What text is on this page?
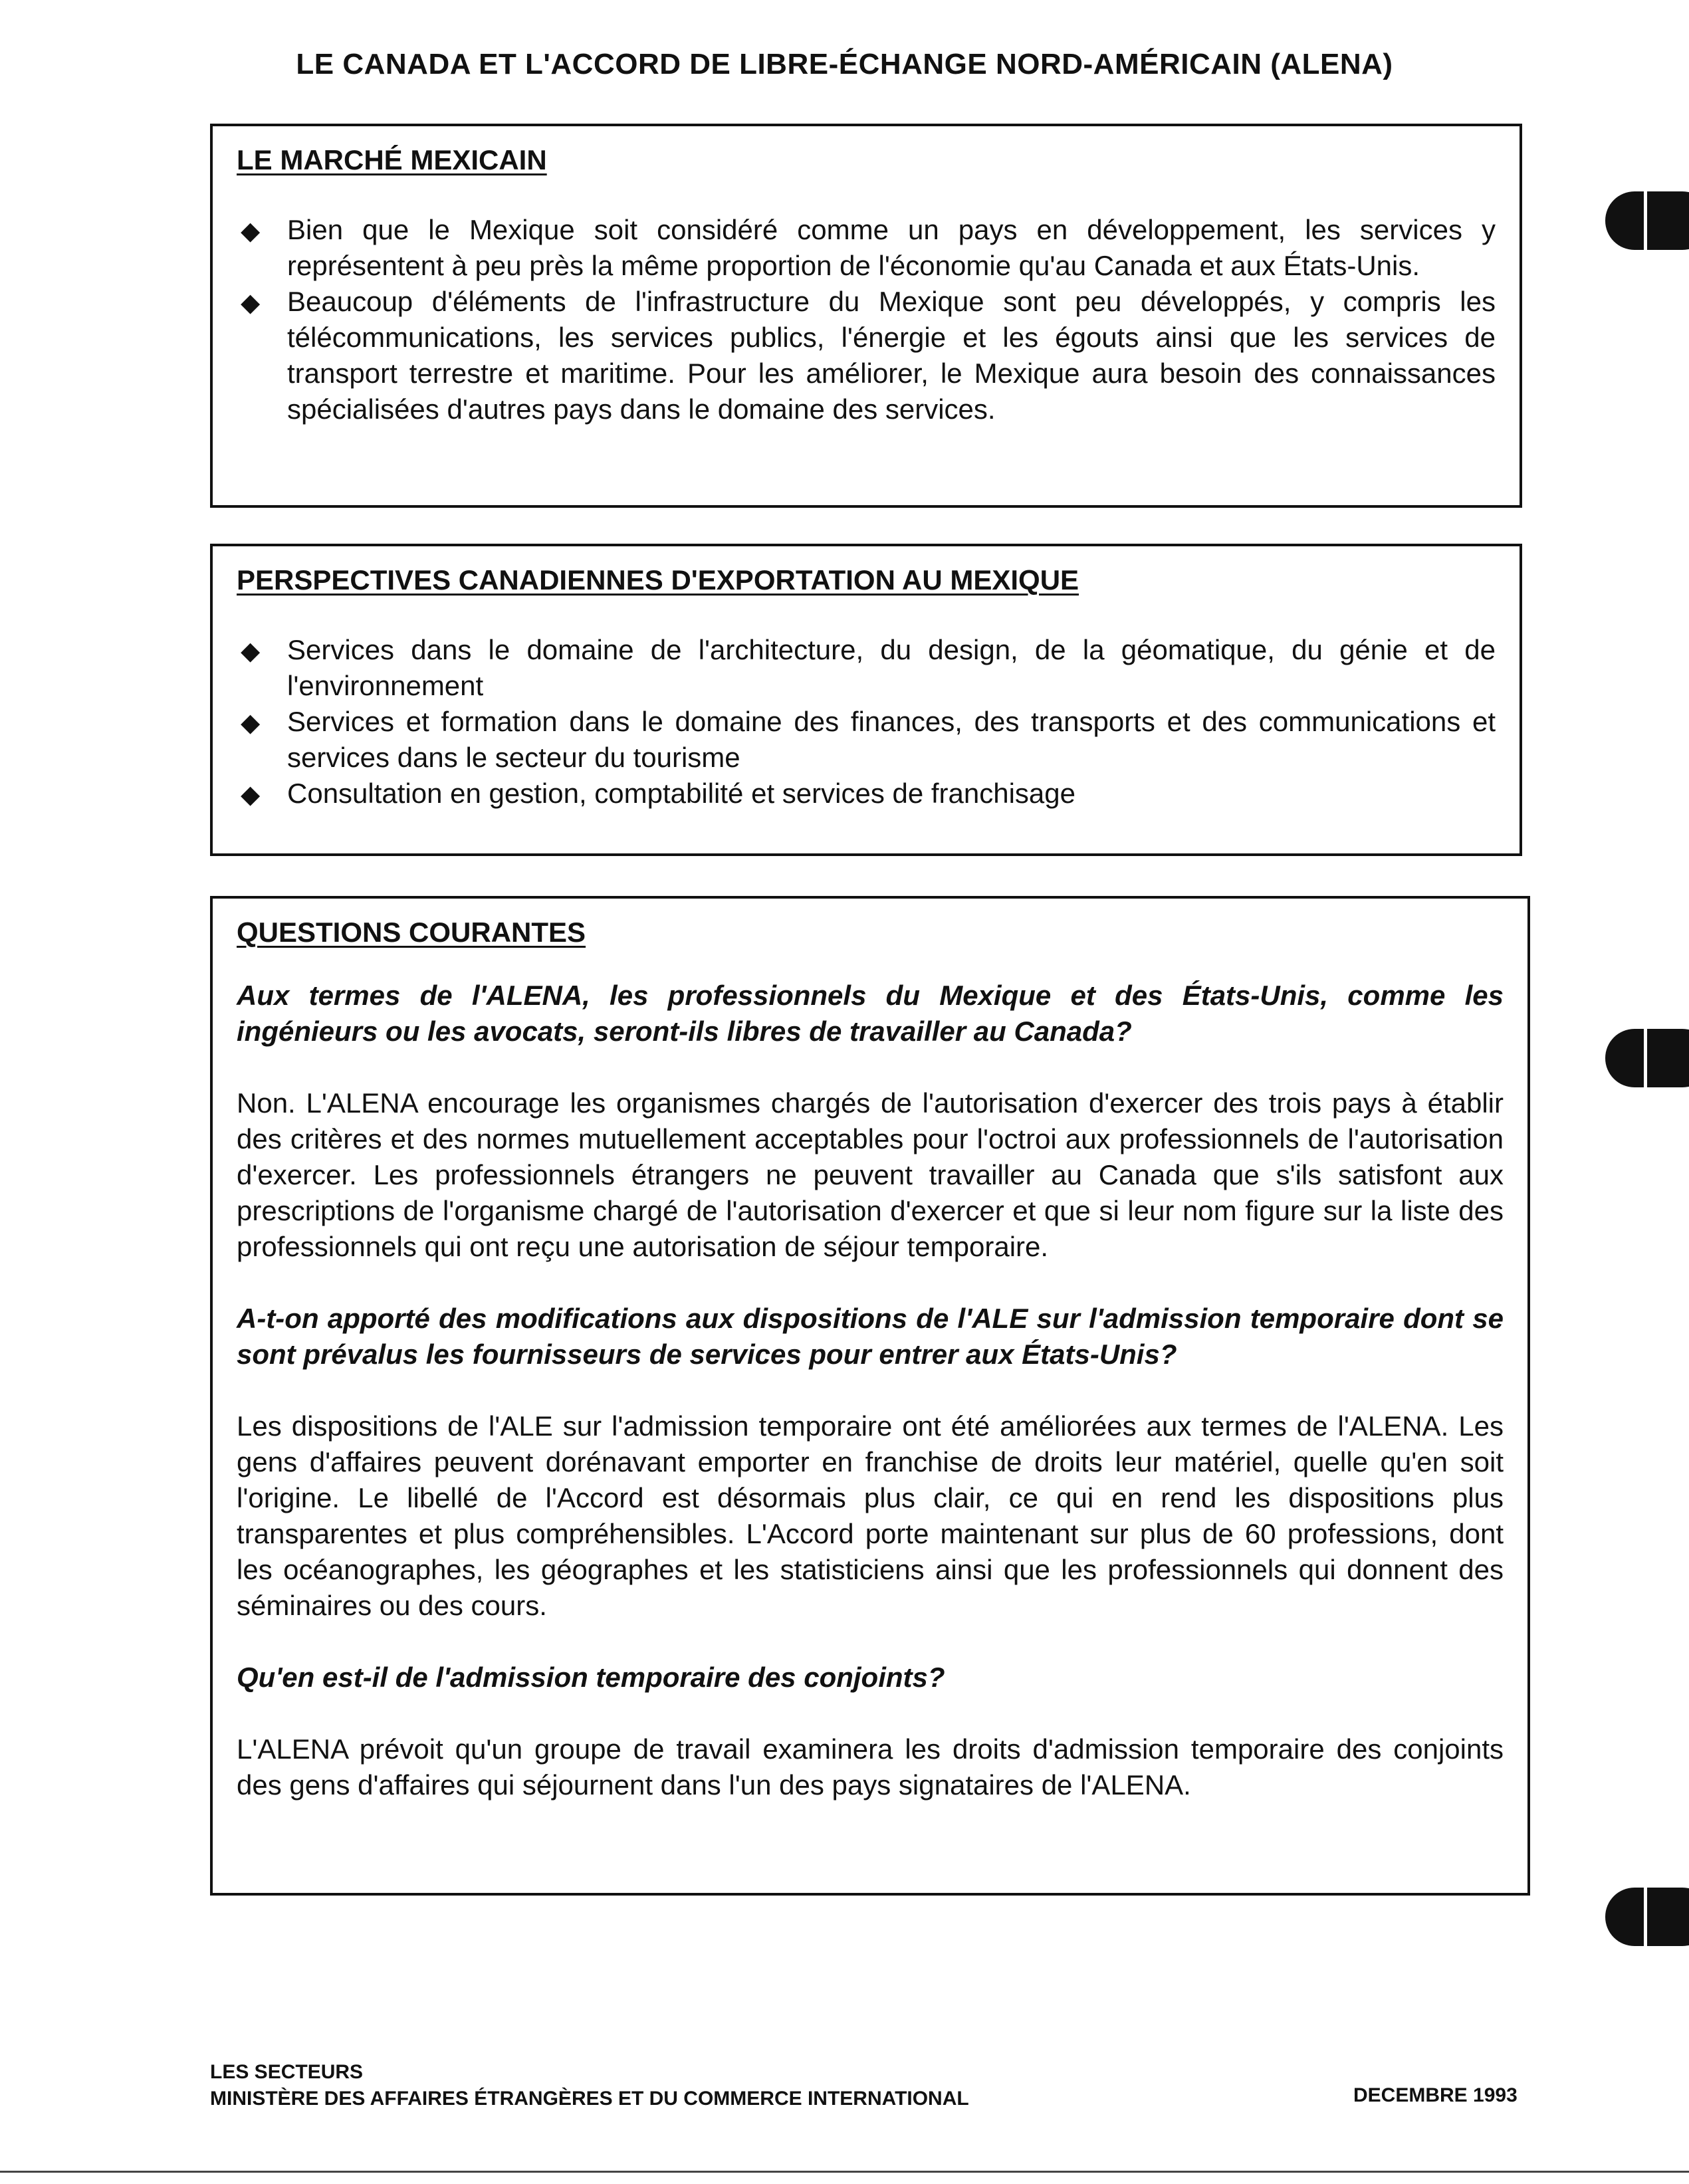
LE CANADA ET L'ACCORD DE LIBRE-ÉCHANGE NORD-AMÉRICAIN (ALENA)
LE MARCHÉ MEXICAIN
◆ Bien que le Mexique soit considéré comme un pays en développement, les services y représentent à peu près la même proportion de l'économie qu'au Canada et aux États-Unis.
◆ Beaucoup d'éléments de l'infrastructure du Mexique sont peu développés, y compris les télécommunications, les services publics, l'énergie et les égouts ainsi que les services de transport terrestre et maritime. Pour les améliorer, le Mexique aura besoin des connaissances spécialisées d'autres pays dans le domaine des services.
PERSPECTIVES CANADIENNES D'EXPORTATION AU MEXIQUE
◆ Services dans le domaine de l'architecture, du design, de la géomatique, du génie et de l'environnement
◆ Services et formation dans le domaine des finances, des transports et des communications et services dans le secteur du tourisme
◆ Consultation en gestion, comptabilité et services de franchisage
QUESTIONS COURANTES

Aux termes de l'ALENA, les professionnels du Mexique et des États-Unis, comme les ingénieurs ou les avocats, seront-ils libres de travailler au Canada?

Non. L'ALENA encourage les organismes chargés de l'autorisation d'exercer des trois pays à établir des critères et des normes mutuellement acceptables pour l'octroi aux professionnels de l'autorisation d'exercer. Les professionnels étrangers ne peuvent travailler au Canada que s'ils satisfont aux prescriptions de l'organisme chargé de l'autorisation d'exercer et que si leur nom figure sur la liste des professionnels qui ont reçu une autorisation de séjour temporaire.

A-t-on apporté des modifications aux dispositions de l'ALE sur l'admission temporaire dont se sont prévalus les fournisseurs de services pour entrer aux États-Unis?

Les dispositions de l'ALE sur l'admission temporaire ont été améliorées aux termes de l'ALENA. Les gens d'affaires peuvent dorénavant emporter en franchise de droits leur matériel, quelle qu'en soit l'origine. Le libellé de l'Accord est désormais plus clair, ce qui en rend les dispositions plus transparentes et plus compréhensibles. L'Accord porte maintenant sur plus de 60 professions, dont les océanographes, les géographes et les statisticiens ainsi que les professionnels qui donnent des séminaires ou des cours.

Qu'en est-il de l'admission temporaire des conjoints?

L'ALENA prévoit qu'un groupe de travail examinera les droits d'admission temporaire des conjoints des gens d'affaires qui séjournent dans l'un des pays signataires de l'ALENA.

LES SECTEURS
MINISTÈRE DES AFFAIRES ÉTRANGÈRES ET DU COMMERCE INTERNATIONAL	DECEMBRE 1993
